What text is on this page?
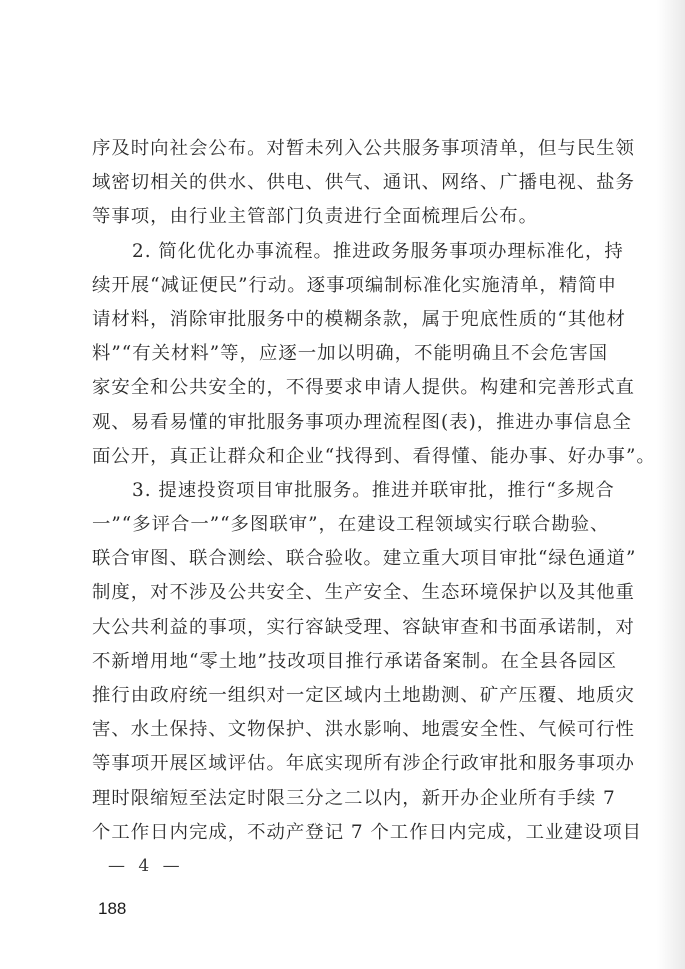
序及时向社会公布。对暂未列入公共服务事项清单，但与民生领
域密切相关的供水、供电、供气、通讯、网络、广播电视、盐务
等事项，由行业主管部门负责进行全面梳理后公布。
2. 简化优化办事流程。推进政务服务事项办理标准化，持
续开展“减证便民”行动。逐事项编制标准化实施清单，精简申
请材料，消除审批服务中的模糊条款，属于兜底性质的“其他材
料”“有关材料”等，应逐一加以明确，不能明确且不会危害国
家安全和公共安全的，不得要求申请人提供。构建和完善形式直
观、易看易懂的审批服务事项办理流程图(表)，推进办事信息全
面公开，真正让群众和企业“找得到、看得懂、能办事、好办事”。
3. 提速投资项目审批服务。推进并联审批，推行“多规合
一”“多评合一”“多图联审”，在建设工程领域实行联合勘验、
联合审图、联合测绘、联合验收。建立重大项目审批“绿色通道”
制度，对不涉及公共安全、生产安全、生态环境保护以及其他重
大公共利益的事项，实行容缺受理、容缺审查和书面承诺制，对
不新增用地“零土地”技改项目推行承诺备案制。在全县各园区
推行由政府统一组织对一定区域内土地勘测、矿产压覆、地质灾
害、水土保持、文物保护、洪水影响、地震安全性、气候可行性
等事项开展区域评估。年底实现所有涉企行政审批和服务事项办
理时限缩短至法定时限三分之二以内，新开办企业所有手续 7
个工作日内完成，不动产登记 7 个工作日内完成，工业建设项目
— 4 —
188
